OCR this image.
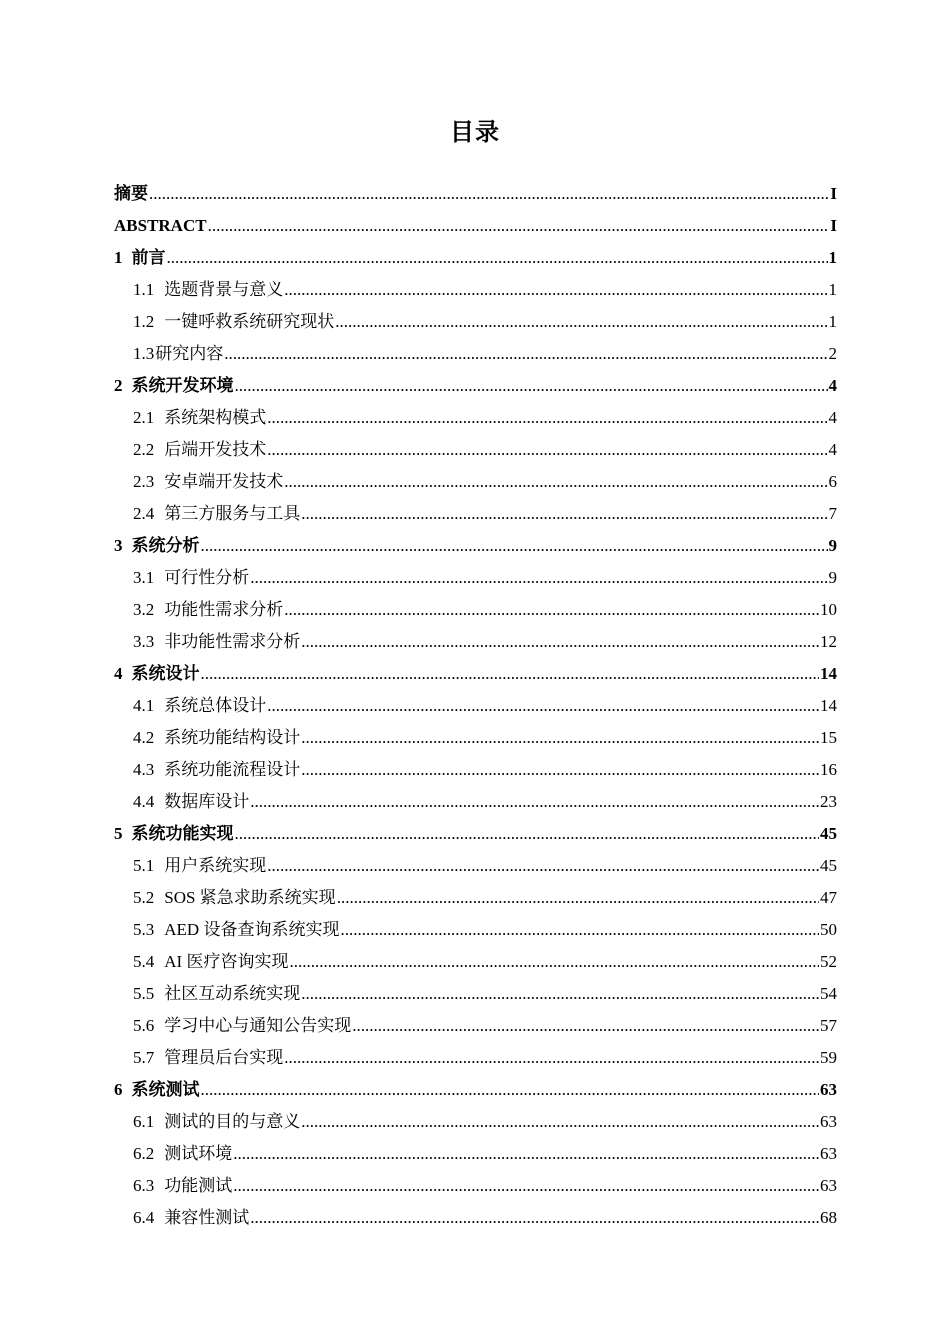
目录
摘要 .....	I
ABSTRACT .....	I
1 前言 .....	1
1.1 选题背景与意义 .....	1
1.2 一键呼救系统研究现状 .....	1
1.3 研究内容 .....	2
2 系统开发环境 .....	4
2.1 系统架构模式 .....	4
2.2 后端开发技术 .....	4
2.3 安卓端开发技术 .....	6
2.4 第三方服务与工具 .....	7
3 系统分析 .....	9
3.1 可行性分析 .....	9
3.2 功能性需求分析 .....	10
3.3 非功能性需求分析 .....	12
4 系统设计 .....	14
4.1 系统总体设计 .....	14
4.2 系统功能结构设计 .....	15
4.3 系统功能流程设计 .....	16
4.4 数据库设计 .....	23
5 系统功能实现 .....	45
5.1 用户系统实现 .....	45
5.2 SOS 紧急求助系统实现 .....	47
5.3 AED 设备查询系统实现 .....	50
5.4 AI 医疗咨询实现 .....	52
5.5 社区互动系统实现 .....	54
5.6 学习中心与通知公告实现 .....	57
5.7 管理员后台实现 .....	59
6 系统测试 .....	63
6.1 测试的目的与意义 .....	63
6.2 测试环境 .....	63
6.3 功能测试 .....	63
6.4 兼容性测试 .....	68
